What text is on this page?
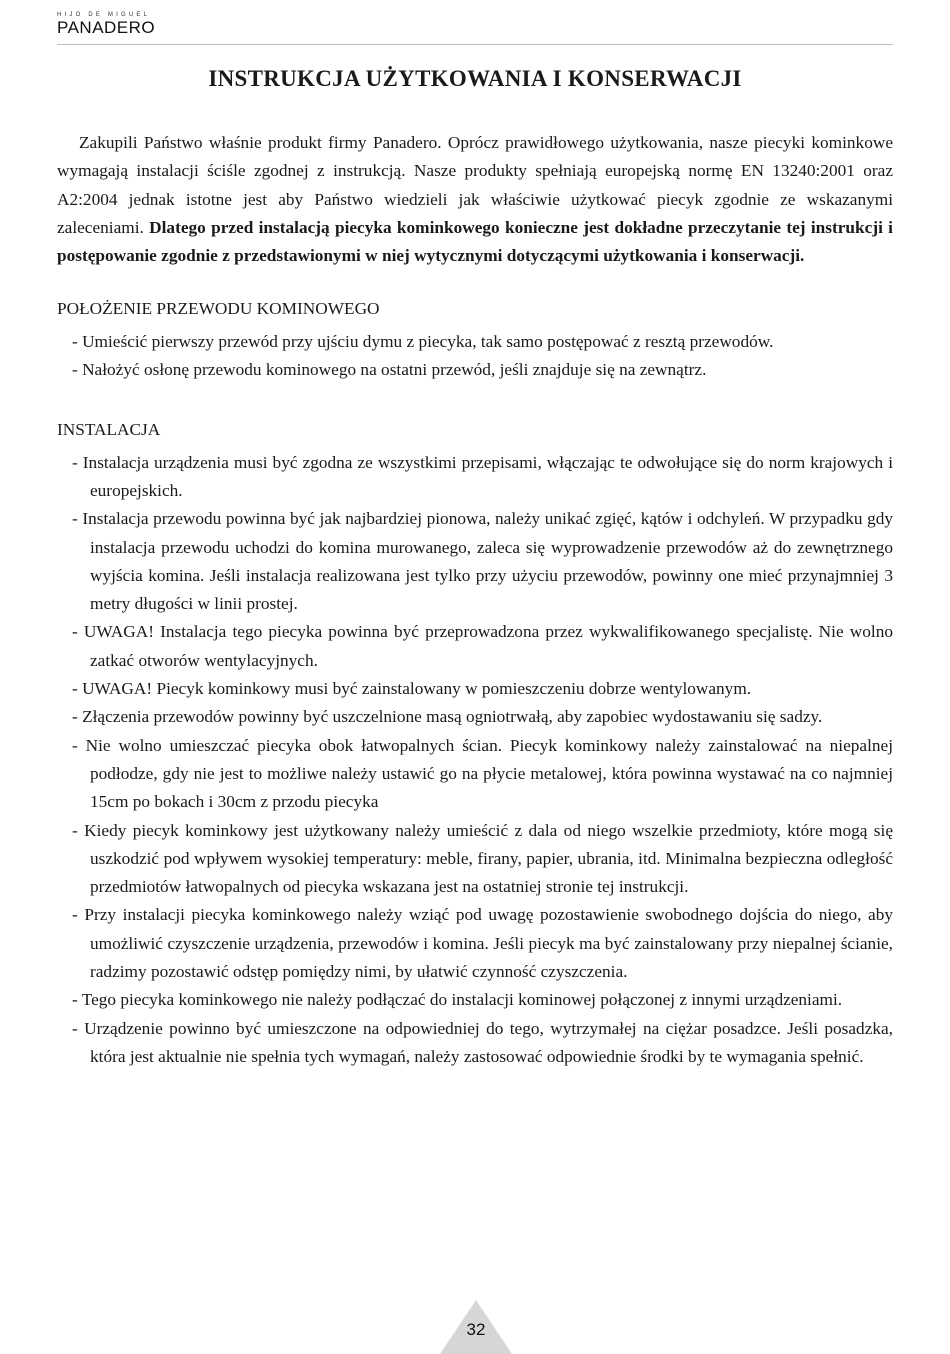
HIJO DE MIGUEL
PANADERO
INSTRUKCJA UŻYTKOWANIA I KONSERWACJI

Zakupili Państwo właśnie produkt firmy Panadero. Oprócz prawidłowego użytkowania, nasze piecyki kominkowe wymagają instalacji ściśle zgodnej z instrukcją. Nasze produkty spełniają europejską normę EN 13240:2001 oraz A2:2004 jednak istotne jest aby Państwo wiedzieli jak właściwie użytkować piecyk zgodnie ze wskazanymi zaleceniami. Dlatego przed instalacją piecyka kominkowego konieczne jest dokładne przeczytanie tej instrukcji i postępowanie zgodnie z przedstawionymi w niej wytycznymi dotyczącymi użytkowania i konserwacji.

POŁOŻENIE PRZEWODU KOMINOWEGO
- Umieścić pierwszy przewód przy ujściu dymu z piecyka, tak samo postępować z resztą przewodów.
- Nałożyć osłonę przewodu kominowego na ostatni przewód, jeśli znajduje się na zewnątrz.
INSTALACJA
- Instalacja urządzenia musi być zgodna ze wszystkimi przepisami, włączając te odwołujące się do norm krajowych i europejskich.
- Instalacja przewodu powinna być jak najbardziej pionowa, należy unikać zgięć, kątów i odchyleń. W przypadku gdy instalacja przewodu uchodzi do komina murowanego, zaleca się wyprowadzenie przewodów aż do zewnętrznego wyjścia komina. Jeśli instalacja realizowana jest tylko przy użyciu przewodów, powinny one mieć przynajmniej 3 metry długości w linii prostej.
- UWAGA! Instalacja tego piecyka powinna być przeprowadzona przez wykwalifikowanego specjalistę. Nie wolno zatkać otworów wentylacyjnych.
- UWAGA! Piecyk kominkowy musi być zainstalowany w pomieszczeniu dobrze wentylowanym.
- Złączenia przewodów powinny być uszczelnione masą ogniotrwałą, aby zapobiec wydostawaniu się sadzy.
- Nie wolno umieszczać piecyka obok łatwopalnych ścian. Piecyk kominkowy należy zainstalować na niepalnej podłodze, gdy nie jest to możliwe należy ustawić go na płycie metalowej, która powinna wystawać na co najmniej 15cm po bokach i 30cm z przodu piecyka
- Kiedy piecyk kominkowy jest użytkowany należy umieścić z dala od niego wszelkie przedmioty, które mogą się uszkodzić pod wpływem wysokiej temperatury: meble, firany, papier, ubrania, itd. Minimalna bezpieczna odległość przedmiotów łatwopalnych od piecyka wskazana jest na ostatniej stronie tej instrukcji.
- Przy instalacji piecyka kominkowego należy wziąć pod uwagę pozostawienie swobodnego dojścia do niego, aby umożliwić czyszczenie urządzenia, przewodów i komina. Jeśli piecyk ma być zainstalowany przy niepalnej ścianie, radzimy pozostawić odstęp pomiędzy nimi, by ułatwić czynność czyszczenia.
- Tego piecyka kominkowego nie należy podłączać do instalacji kominowej połączonej z innymi urządzeniami.
- Urządzenie powinno być umieszczone na odpowiedniej do tego, wytrzymałej na ciężar posadzce. Jeśli posadzka, która jest aktualnie nie spełnia tych wymagań, należy zastosować odpowiednie środki by te wymagania spełnić.
32
